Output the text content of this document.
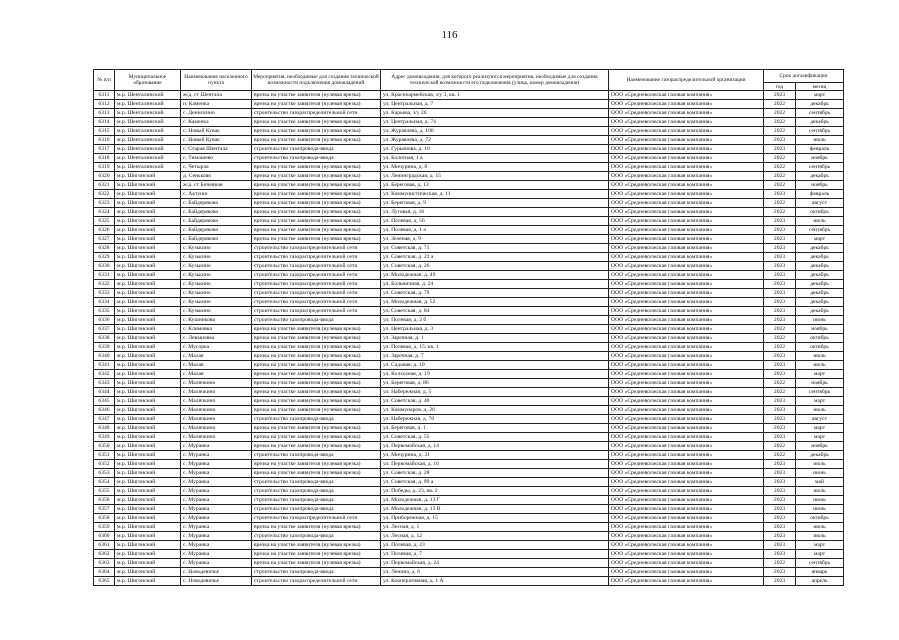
116
№ п/п	Муниципальное образование	Наименование населенного пункта	Мероприятия, необходимые для создания технической возможности подключения домовладений	Адрес домовладения, для которого реализуются мероприятия, необходимые для создания технической возможности его подключения (улица, номер домовладения)	Наименование газораспределительной организации	Срок догазификации	
						год	месяц
6311	м.р. Шенталинский	ж/д. ст Шентала	врезка на участке заявителя (нулевая врезка)	ул. Красноармейская, з/у 3, кв. 1	ООО «Средневолжская газовая компания»	2023	март
6312	м.р. Шенталинский	п. Каменка	врезка на участке заявителя (нулевая врезка)	ул. Центральная, д. 7	ООО «Средневолжская газовая компания»	2022	декабрь
6313	м.р. Шенталинский	с. Денискино	строительство газораспределительной сети	ул. Карьева, з/у 26	ООО «Средневолжская газовая компания»	2022	сентябрь
6314	м.р. Шенталинский	с. Каменка	врезка на участке заявителя (нулевая врезка)	ул. Центральная, д. 74	ООО «Средневолжская газовая компания»	2022	декабрь
6315	м.р. Шенталинский	с. Новый Кувак	врезка на участке заявителя (нулевая врезка)	ул. Журавлева, д. 100	ООО «Средневолжская газовая компания»	2022	сентябрь
6316	м.р. Шенталинский	с. Новый Кувак	врезка на участке заявителя (нулевая врезка)	ул. Журавлева, д. 72	ООО «Средневолжская газовая компания»	2023	июль
6317	м.р. Шенталинский	с. Старая Шентала	строительство газопровода-ввода	ул. Гурьянова, д. 10	ООО «Средневолжская газовая компания»	2023	февраль
6318	м.р. Шенталинский	с. Тимошево	строительство газопровода-ввода	ул. Болотная, 1 а	ООО «Средневолжская газовая компания»	2022	ноябрь
6319	м.р. Шенталинский	с. Четырла	врезка на участке заявителя (нулевая врезка)	ул. Мичурина, д. 8	ООО «Средневолжская газовая компания»	2022	сентябрь
6320	м.р. Шигонский	д. Сеньково	врезка на участке заявителя (нулевая врезка)	ул. Ленинградская, д. 15	ООО «Средневолжская газовая компания»	2022	декабрь
6321	м.р. Шигонский	ж/д. ст Бичевная	врезка на участке заявителя (нулевая врезка)	ул. Береговая, д. 13	ООО «Средневолжская газовая компания»	2022	ноябрь
6322	м.р. Шигонский	с. Актуши	врезка на участке заявителя (нулевая врезка)	ул. Коммунистическая, д. 11	ООО «Средневолжская газовая компания»	2023	февраль
6323	м.р. Шигонский	с. Байдеряково	врезка на участке заявителя (нулевая врезка)	ул. Береговая, д. 9	ООО «Средневолжская газовая компания»	2022	август
6324	м.р. Шигонский	с. Байдеряково	врезка на участке заявителя (нулевая врезка)	ул. Луговая, д. 16	ООО «Средневолжская газовая компания»	2022	октябрь
6325	м.р. Шигонский	с. Байдеряково	врезка на участке заявителя (нулевая врезка)	ул. Полевая, д. 56	ООО «Средневолжская газовая компания»	2023	июль
6326	м.р. Шигонский	с. Байдеряково	врезка на участке заявителя (нулевая врезка)	ул. Полевая, д. 1 а	ООО «Средневолжская газовая компания»	2023	сентябрь
6327	м.р. Шигонский	с. Байдеряково	врезка на участке заявителя (нулевая врезка)	ул. Зеленая, д. 9	ООО «Средневолжская газовая компания»	2023	март
6328	м.р. Шигонский	с. Кузькино	строительство газораспределительной сети	ул. Советская, д. 71	ООО «Средневолжская газовая компания»	2023	декабрь
6329	м.р. Шигонский	с. Кузькино	строительство газораспределительной сети	ул. Советская, д. 22 а	ООО «Средневолжская газовая компания»	2023	декабрь
6330	м.р. Шигонский	с. Кузькино	строительство газораспределительной сети	ул. Советская, д. 26	ООО «Средневолжская газовая компания»	2023	декабрь
6331	м.р. Шигонский	с. Кузькино	строительство газораспределительной сети	ул. Молодежная, д. 49	ООО «Средневолжская газовая компания»	2023	декабрь
6332	м.р. Шигонский	с. Кузькино	строительство газораспределительной сети	ул. Больничная, д. 24	ООО «Средневолжская газовая компания»	2023	декабрь
6333	м.р. Шигонский	с. Кузькино	строительство газораспределительной сети	ул. Советская, д. 79	ООО «Средневолжская газовая компания»	2023	декабрь
6334	м.р. Шигонский	с. Кузькино	строительство газораспределительной сети	ул. Молодежная, д. 52	ООО «Средневолжская газовая компания»	2023	декабрь
6335	м.р. Шигонский	с. Кузькино	строительство газораспределительной сети	ул. Советская, д. 84	ООО «Средневолжская газовая компания»	2023	декабрь
6336	м.р. Шигонский	с. Кушниково	строительство газопровода-ввода	ул. Полевая, д. 2 б	ООО «Средневолжская газовая компания»	2023	июнь
6337	м.р. Шигонский	с. Климовка	врезка на участке заявителя (нулевая врезка)	ул. Центральная, д. 3	ООО «Средневолжская газовая компания»	2022	ноябрь
6338	м.р. Шигонский	с. Левашовка	врезка на участке заявителя (нулевая врезка)	ул. Заречная, д. 1	ООО «Средневолжская газовая компания»	2022	октябрь
6339	м.р. Шигонский	с. Мусорка	врезка на участке заявителя (нулевая врезка)	ул. Полевая, д. 15, кв. 1	ООО «Средневолжская газовая компания»	2022	октябрь
6340	м.р. Шигонский	с. Малая	врезка на участке заявителя (нулевая врезка)	ул. Заречная, д. 7	ООО «Средневолжская газовая компания»	2023	июль
6341	м.р. Шигонский	с. Малая	врезка на участке заявителя (нулевая врезка)	ул. Садовая, д. 10	ООО «Средневолжская газовая компания»	2023	июль
6342	м.р. Шигонский	с. Малая	врезка на участке заявителя (нулевая врезка)	ул. Колхозная, д. 19	ООО «Средневолжская газовая компания»	2023	март
6343	м.р. Шигонский	с. Малячкино	врезка на участке заявителя (нулевая врезка)	ул. Береговая, д. 86	ООО «Средневолжская газовая компания»	2022	ноябрь
6344	м.р. Шигонский	с. Малячкино	врезка на участке заявителя (нулевая врезка)	ул. Набережная, д. 5	ООО «Средневолжская газовая компания»	2022	сентябрь
6345	м.р. Шигонский	с. Малячкино	врезка на участке заявителя (нулевая врезка)	ул. Советская, д. 40	ООО «Средневолжская газовая компания»	2023	март
6346	м.р. Шигонский	с. Малячкино	врезка на участке заявителя (нулевая врезка)	ул. Коммунаров, д. 26	ООО «Средневолжская газовая компания»	2023	июль
6347	м.р. Шигонский	с. Малячкино	строительство газопровода-ввода	ул. Набережная, д. 70	ООО «Средневолжская газовая компания»	2023	август
6348	м.р. Шигонский	с. Малячкино	врезка на участке заявителя (нулевая врезка)	ул. Береговая, д. 1	ООО «Средневолжская газовая компания»	2023	март
6349	м.р. Шигонский	с. Малячкино	врезка на участке заявителя (нулевая врезка)	ул. Советская, д. 55	ООО «Средневолжская газовая компания»	2023	март
6350	м.р. Шигонский	с. Муранка	врезка на участке заявителя (нулевая врезка)	ул. Первомайская, д. 14	ООО «Средневолжская газовая компания»	2022	ноябрь
6351	м.р. Шигонский	с. Муранка	строительство газопровода-ввода	ул. Мичурина, д. 31	ООО «Средневолжская газовая компания»	2022	декабрь
6352	м.р. Шигонский	с. Муранка	врезка на участке заявителя (нулевая врезка)	ул. Первомайская, д. 10	ООО «Средневолжская газовая компания»	2023	июль
6353	м.р. Шигонский	с. Муранка	врезка на участке заявителя (нулевая врезка)	ул. Советская, д. 28	ООО «Средневолжская газовая компания»	2023	июнь
6354	м.р. Шигонский	с. Муранка	строительство газопровода-ввода	ул. Советская, д. 89 а	ООО «Средневолжская газовая компания»	2023	май
6355	м.р. Шигонский	с. Муранка	строительство газопровода-ввода	ул. Победы, д. 23, кв. 2	ООО «Средневолжская газовая компания»	2023	июль
6356	м.р. Шигонский	с. Муранка	строительство газопровода-ввода	ул. Молодежная, д. 13 Г	ООО «Средневолжская газовая компания»	2023	июнь
6357	м.р. Шигонский	с. Муранка	строительство газопровода-ввода	ул. Молодежная, д. 13 В	ООО «Средневолжская газовая компания»	2023	июнь
6358	м.р. Шигонский	с. Муранка	строительство газораспределительной сети	ул. Приборежная, д. 15	ООО «Средневолжская газовая компания»	2023	октябрь
6359	м.р. Шигонский	с. Муранка	врезка на участке заявителя (нулевая врезка)	ул. Лесная, д. 1	ООО «Средневолжская газовая компания»	2023	июль
6360	м.р. Шигонский	с. Муранка	строительство газопровода-ввода	ул. Лесная, д. 12	ООО «Средневолжская газовая компания»	2023	июль
6361	м.р. Шигонский	с. Муранка	врезка на участке заявителя (нулевая врезка)	ул. Полевая, д. 23	ООО «Средневолжская газовая компания»	2023	март
6362	м.р. Шигонский	с. Муранка	врезка на участке заявителя (нулевая врезка)	ул. Полевая, д. 7	ООО «Средневолжская газовая компания»	2023	март
6363	м.р. Шигонский	с. Муранка	врезка на участке заявителя (нулевая врезка)	ул. Первомайская, д. 24	ООО «Средневолжская газовая компания»	2022	сентябрь
6364	м.р. Шигонский	с. Новодевичье	строительство газопровода-ввода	ул. Ленина, д. 6	ООО «Средневолжская газовая компания»	2023	январь
6365	м.р. Шигонский	с. Новодевичье	строительство газораспределительной сети	ул. Кооперативная, д. 1 А	ООО «Средневолжская газовая компания»	2023	апрель
